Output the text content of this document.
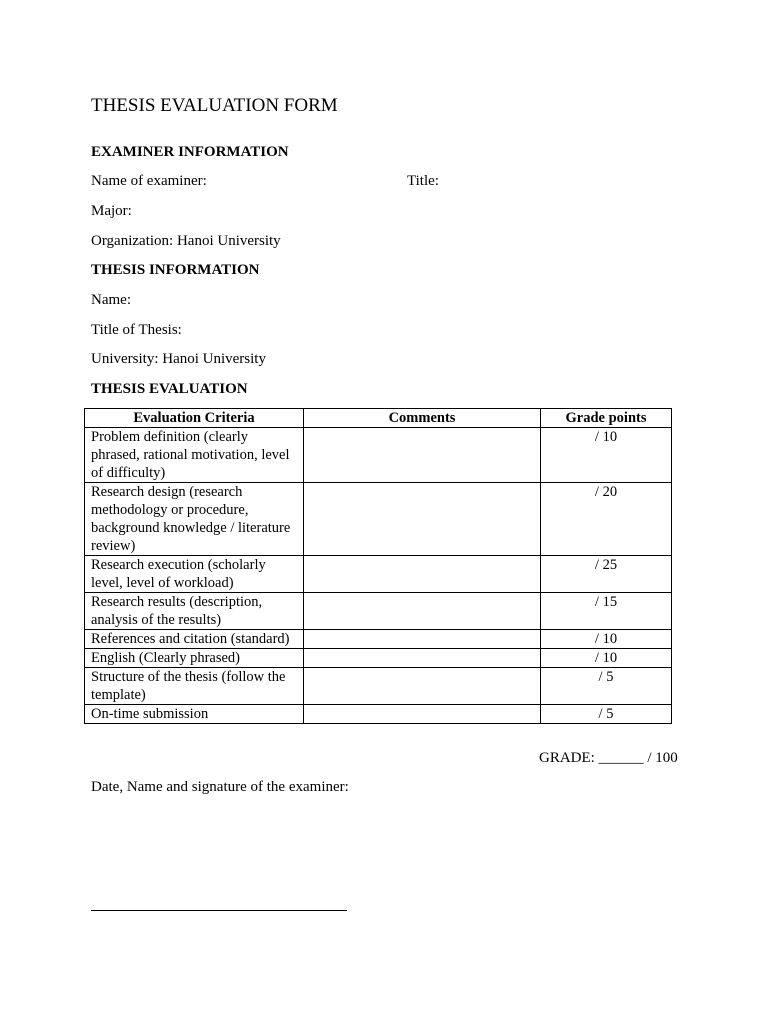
THESIS EVALUATION FORM
EXAMINER INFORMATION
Name of examiner:	Title:
Major:
Organization: Hanoi University
THESIS INFORMATION
Name:
Title of Thesis:
University: Hanoi University
THESIS EVALUATION
Evaluation Criteria	Comments	Grade points
Problem definition (clearly phrased, rational motivation, level of difficulty)		/ 10
Research design (research methodology or procedure, background knowledge / literature review)		/ 20
Research execution (scholarly level, level of workload)		/ 25
Research results (description, analysis of the results)		/ 15
References and citation (standard)		/ 10
English (Clearly phrased)		/ 10
Structure of the thesis (follow the template)		/ 5
On-time submission		/ 5
GRADE: ______ / 100
Date, Name and signature of the examiner:
